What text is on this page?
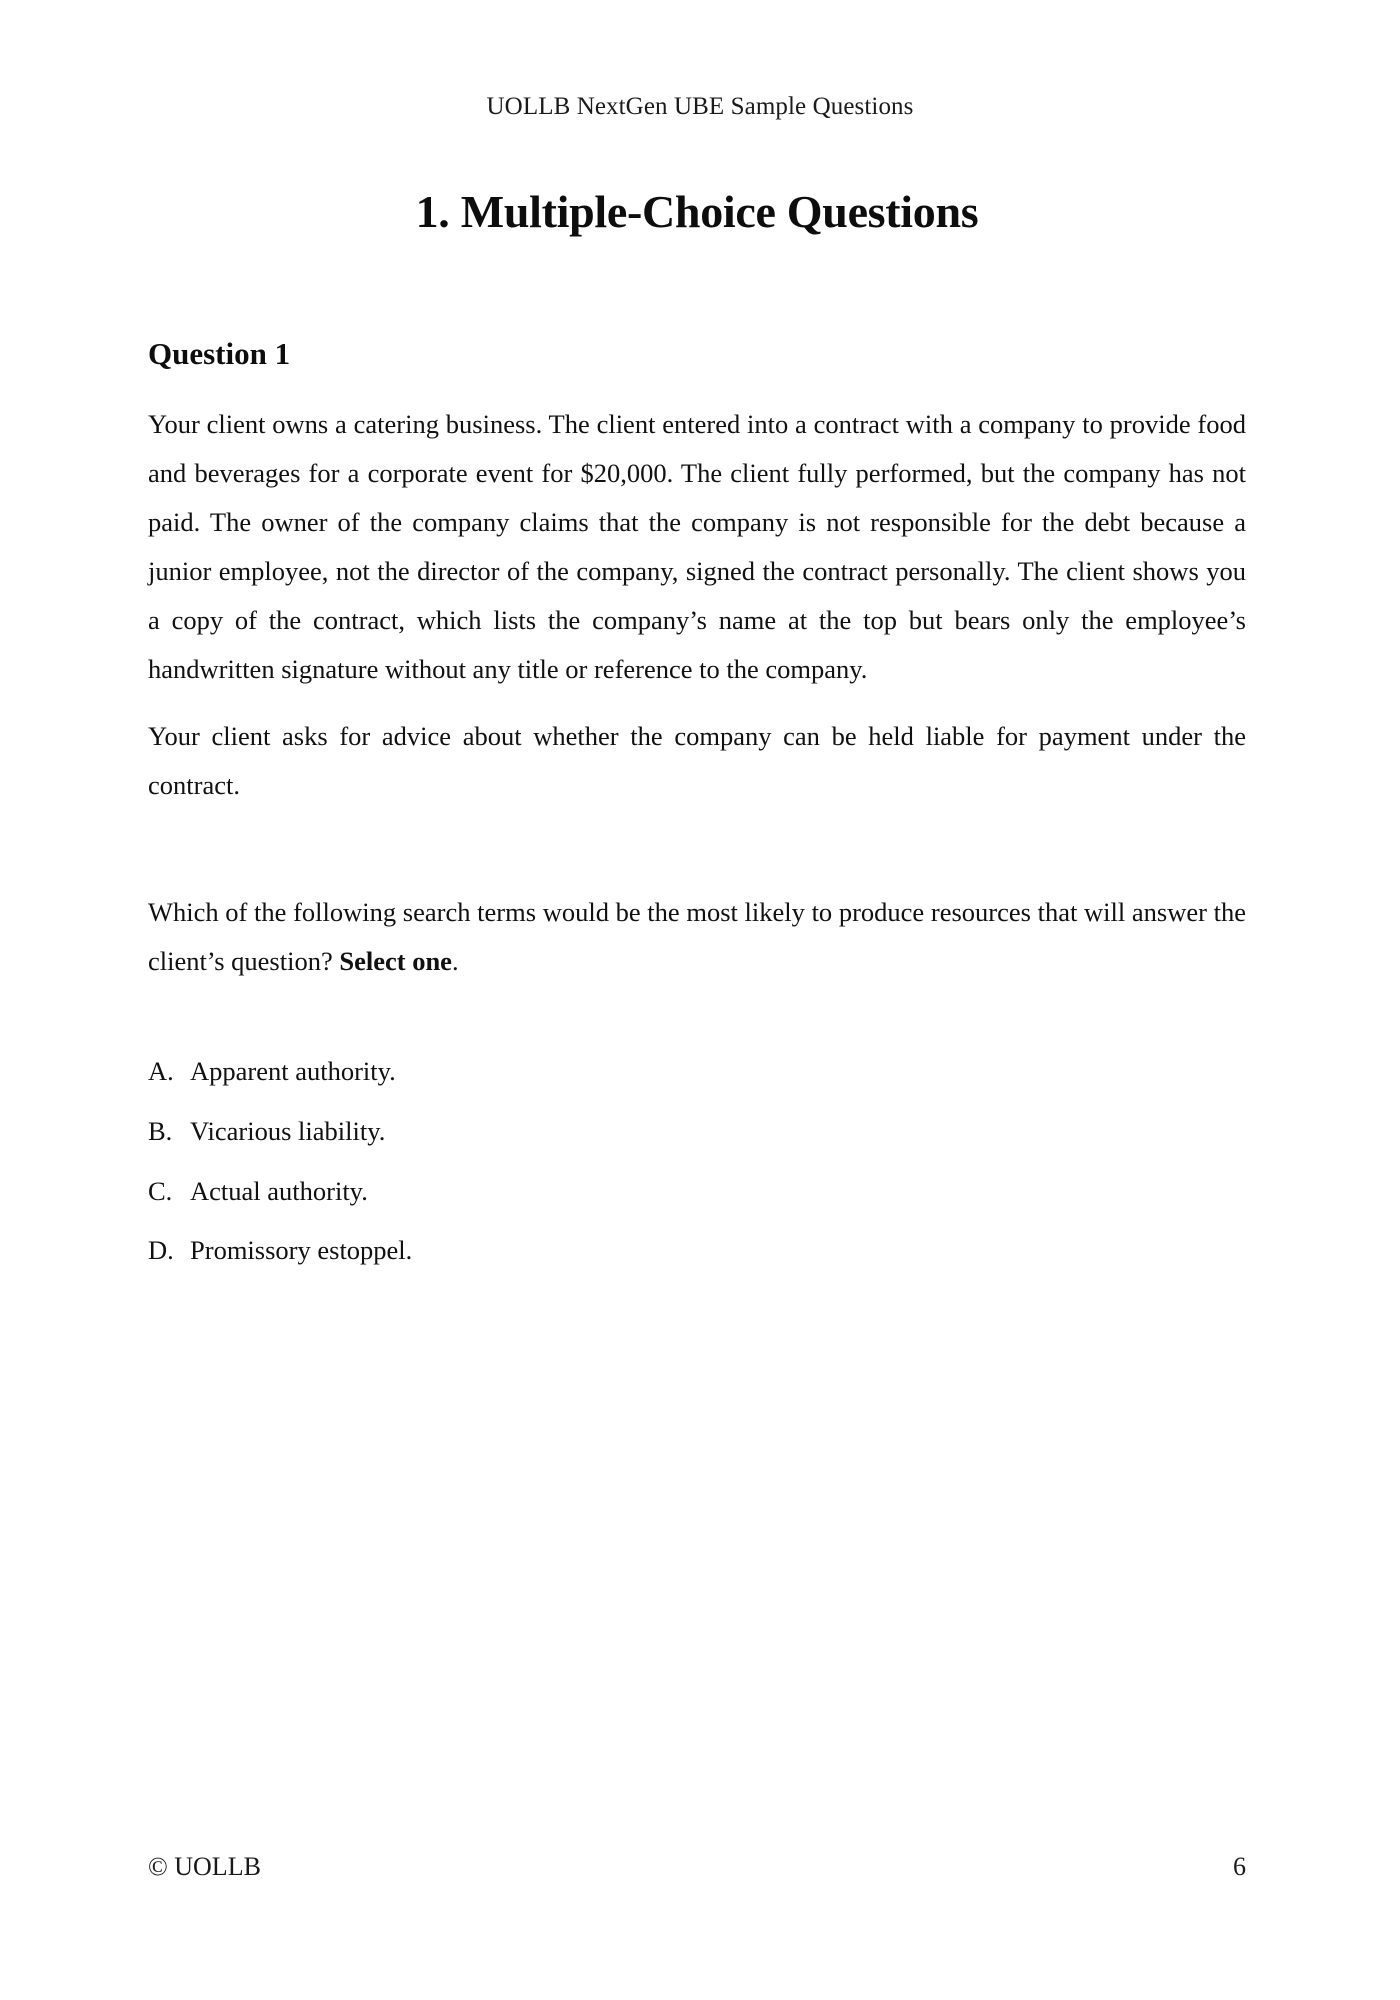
UOLLB NextGen UBE Sample Questions
1. Multiple-Choice Questions
Question 1

Your client owns a catering business. The client entered into a contract with a company to provide food and beverages for a corporate event for $20,000. The client fully performed, but the company has not paid. The owner of the company claims that the company is not responsible for the debt because a junior employee, not the director of the company, signed the contract personally. The client shows you a copy of the contract, which lists the company’s name at the top but bears only the employee’s handwritten signature without any title or reference to the company.

Your client asks for advice about whether the company can be held liable for payment under the contract.

Which of the following search terms would be the most likely to produce resources that will answer the client’s question? Select one.

A. Apparent authority.
B. Vicarious liability.
C. Actual authority.
D. Promissory estoppel.
© UOLLB	6
